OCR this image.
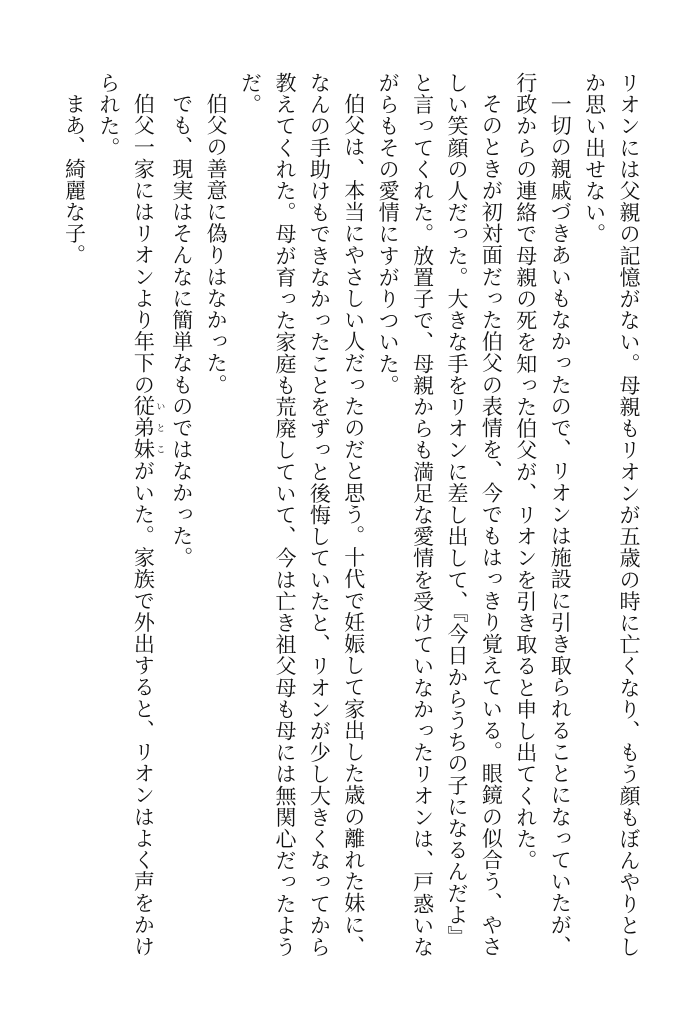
リオンには父親の記憶がない。母親もリオンが五歳の時に亡くなり、もう顔もぼんやりとしか思い出せない。

一切の親戚づきあいもなかったので、リオンは施設に引き取られることになっていたが、行政からの連絡で母親の死を知った伯父が、リオンを引き取ると申し出てくれた。

そのときが初対面だった伯父の表情を、今でもはっきり覚えている。眼鏡の似合う、やさしい笑顔の人だった。大きな手をリオンに差し出して、『今日からうちの子になるんだよ』と言ってくれた。放置子で、母親からも満足な愛情を受けていなかったリオンは、戸惑いながらもその愛情にすがりついた。

伯父は、本当にやさしい人だったのだと思う。十代で妊娠して家出した歳の離れた妹に、なんの手助けもできなかったことをずっと後悔していたと、リオンが少し大きくなってから教えてくれた。母が育った家庭も荒廃していて、今は亡き祖父母も母には無関心だったようだ。

伯父の善意に偽りはなかった。

でも、現実はそんなに簡単なものではなかった。

伯父一家にはリオンより年下の従弟妹 いとこがいた。家族で外出すると、リオンはよく声をかけられた。

まあ、綺麗な子。
